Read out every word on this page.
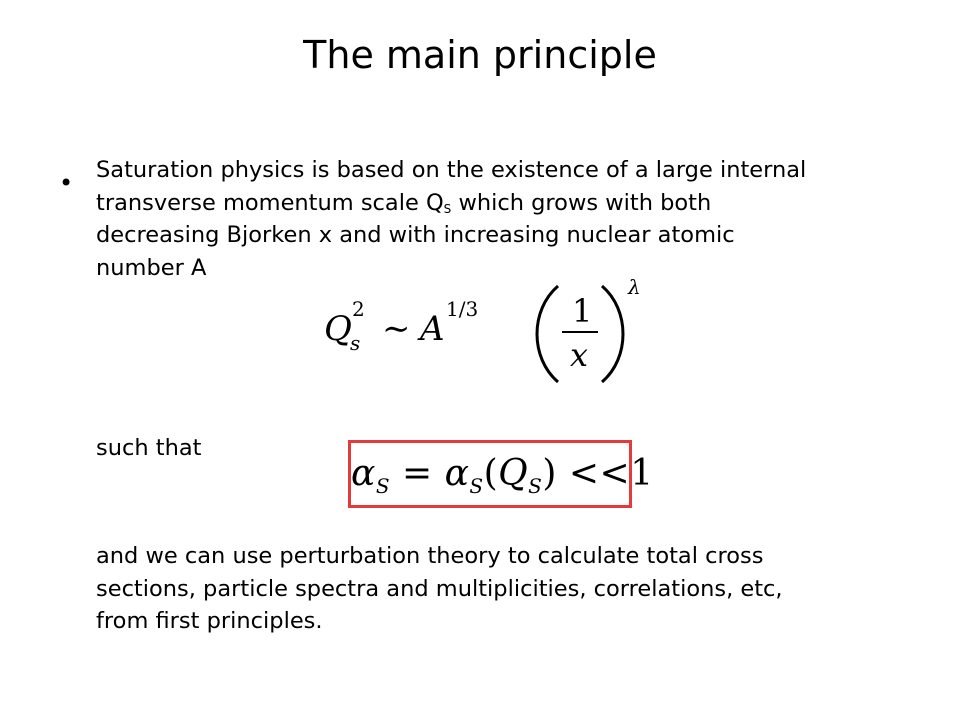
The main principle
• Saturation physics is based on the existence of a large internal
transverse momentum scale $Q_S$ which grows with both
decreasing Bjorken x and with increasing nuclear atomic
number A
Q 2
s ∼ A 1/3	1
x
λ
such that
$\alpha_S = \alpha_S(Q_S) <<1$
and we can use perturbation theory to calculate total cross
sections, particle spectra and multiplicities, correlations, etc,
from first principles.
